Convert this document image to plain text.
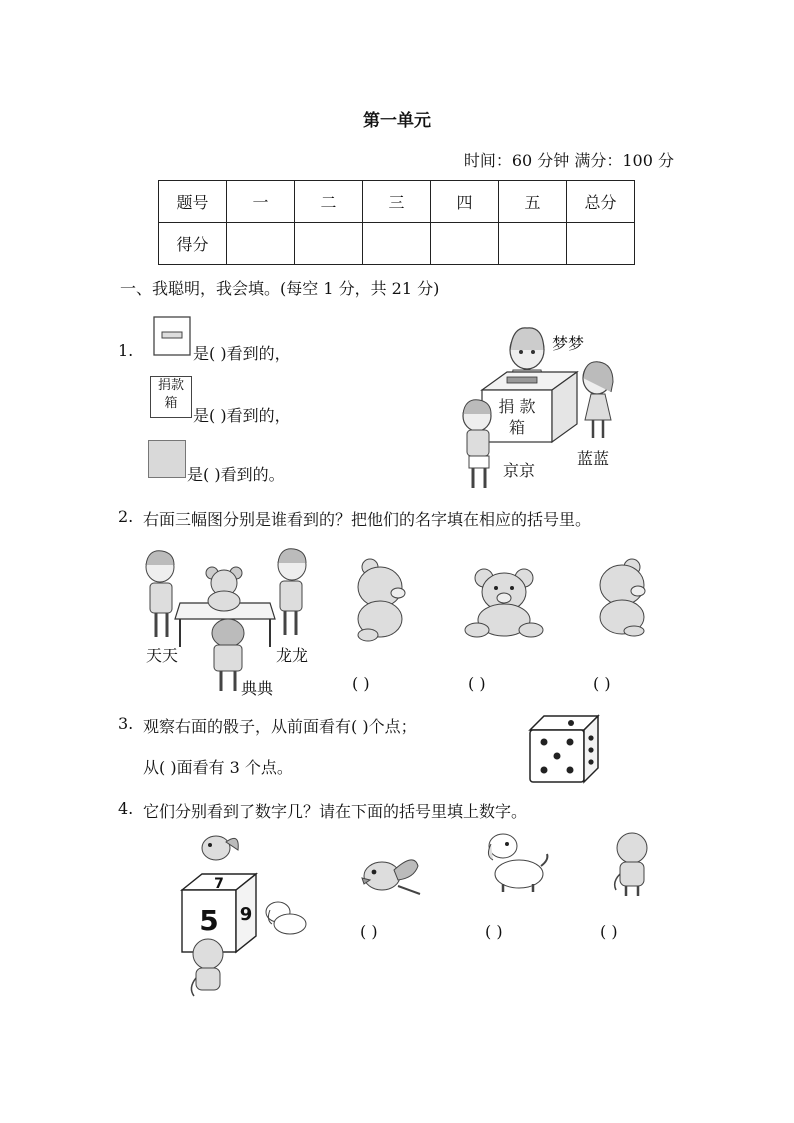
第一单元
时间：60 分钟 满分：100 分
题号	一	二	三	四	五	总分
得分						
一、我聪明，我会填。(每空 1 分，共 21 分)
1.	是( )看到的，
捐款
箱
是( )看到的，
是( )看到的。
捐 款
箱
梦梦
京京
蓝蓝
2. 右面三幅图分别是谁看到的？把他们的名字填在相应的括号里。
天天	龙龙
典典	( )	( )	( )
3. 观察右面的骰子，从前面看有( )个点；
从( )面看有 3 个点。
4. 它们分别看到了数字几？请在下面的括号里填上数字。
7
5 9
( )	( )	( )
